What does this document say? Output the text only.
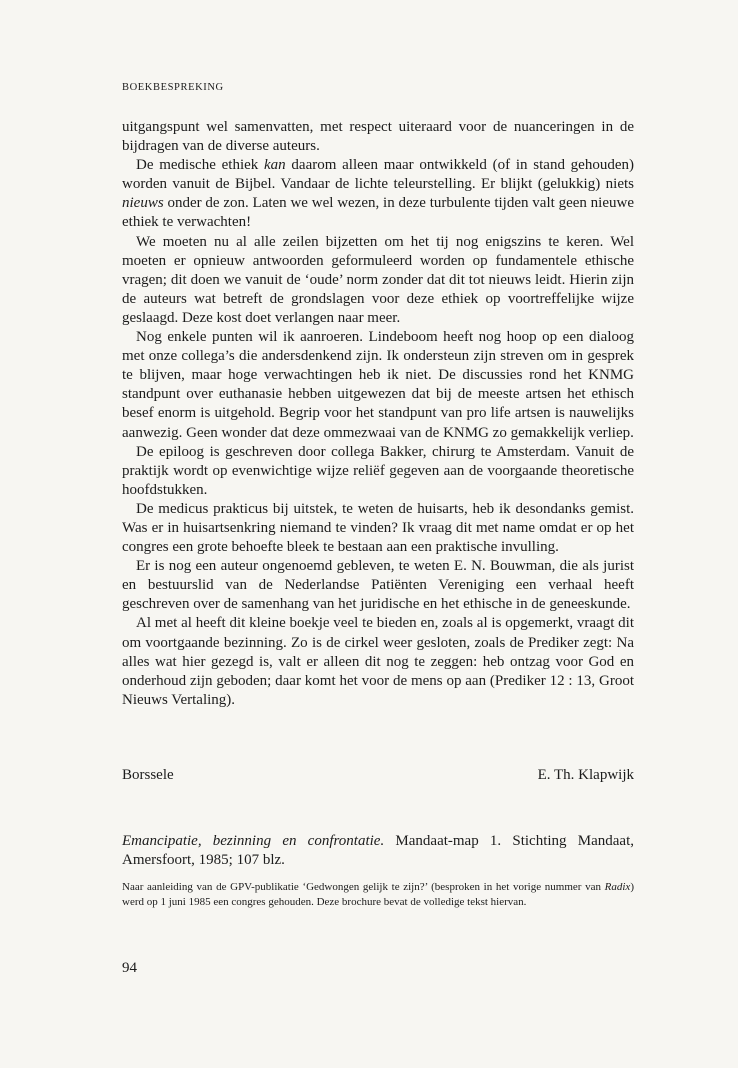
BOEKBESPREKING

uitgangspunt wel samenvatten, met respect uiteraard voor de nuanceringen in de bijdragen van de diverse auteurs.

De medische ethiek kan daarom alleen maar ontwikkeld (of in stand gehouden) worden vanuit de Bijbel. Vandaar de lichte teleurstelling. Er blijkt (gelukkig) niets nieuws onder de zon. Laten we wel wezen, in deze turbulente tijden valt geen nieuwe ethiek te verwachten!

We moeten nu al alle zeilen bijzetten om het tij nog enigszins te keren. Wel moeten er opnieuw antwoorden geformuleerd worden op fundamentele ethische vragen; dit doen we vanuit de ‘oude’ norm zonder dat dit tot nieuws leidt. Hierin zijn de auteurs wat betreft de grondslagen voor deze ethiek op voortreffelijke wijze geslaagd. Deze kost doet verlangen naar meer.

Nog enkele punten wil ik aanroeren. Lindeboom heeft nog hoop op een dialoog met onze collega’s die andersdenkend zijn. Ik ondersteun zijn streven om in gesprek te blijven, maar hoge verwachtingen heb ik niet. De discussies rond het KNMG standpunt over euthanasie hebben uitgewezen dat bij de meeste artsen het ethisch besef enorm is uitgehold. Begrip voor het standpunt van pro life artsen is nauwelijks aanwezig. Geen wonder dat deze ommezwaai van de KNMG zo gemakkelijk verliep.

De epiloog is geschreven door collega Bakker, chirurg te Amsterdam. Vanuit de praktijk wordt op evenwichtige wijze reliëf gegeven aan de voorgaande theoretische hoofdstukken.

De medicus prakticus bij uitstek, te weten de huisarts, heb ik desondanks gemist. Was er in huisartsenkring niemand te vinden? Ik vraag dit met name omdat er op het congres een grote behoefte bleek te bestaan aan een praktische invulling.

Er is nog een auteur ongenoemd gebleven, te weten E. N. Bouwman, die als jurist en bestuurslid van de Nederlandse Patiënten Vereniging een verhaal heeft geschreven over de samenhang van het juridische en het ethische in de geneeskunde.

Al met al heeft dit kleine boekje veel te bieden en, zoals al is opgemerkt, vraagt dit om voortgaande bezinning. Zo is de cirkel weer gesloten, zoals de Prediker zegt: Na alles wat hier gezegd is, valt er alleen dit nog te zeggen: heb ontzag voor God en onderhoud zijn geboden; daar komt het voor de mens op aan (Prediker 12 : 13, Groot Nieuws Vertaling).

Borssele	E. Th. Klapwijk
Emancipatie, bezinning en confrontatie. Mandaat-map 1. Stichting Mandaat, Amersfoort, 1985; 107 blz.
Naar aanleiding van de GPV-publikatie ‘Gedwongen gelijk te zijn?’ (besproken in het vorige nummer van Radix) werd op 1 juni 1985 een congres gehouden. Deze brochure bevat de volledige tekst hiervan.
94
